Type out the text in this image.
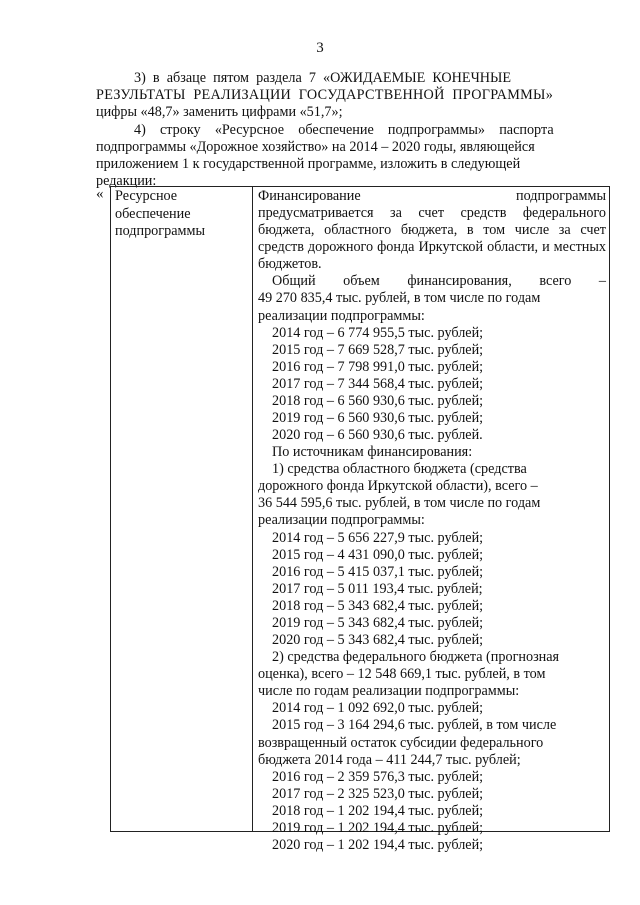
3

3)  в  абзаце  пятом  раздела  7  «ОЖИДАЕМЫЕ  КОНЕЧНЫЕ

РЕЗУЛЬТАТЫ  РЕАЛИЗАЦИИ  ГОСУДАРСТВЕННОЙ  ПРОГРАММЫ»

цифры «48,7» заменить цифрами «51,7»;

4)    строку    «Ресурсное    обеспечение    подпрограммы»    паспорта

подпрограммы «Дорожное хозяйство» на 2014 – 2020 годы, являющейся

приложением 1 к государственной программе, изложить в следующей

редакции:

« Ресурсное
обеспечение
подпрограммы
Финансирование	подпрограммы
предусматривается за счет средств федерального бюджета, областного бюджета, в том числе за счет средств дорожного фонда Иркутской области, и местных бюджетов.
Общий объем финансирования, всего –
49 270 835,4 тыс. рублей, в том числе по годам
реализации подпрограммы:
2014 год – 6 774 955,5 тыс. рублей;
2015 год – 7 669 528,7 тыс. рублей;
2016 год – 7 798 991,0 тыс. рублей;
2017 год – 7 344 568,4 тыс. рублей;
2018 год – 6 560 930,6 тыс. рублей;
2019 год – 6 560 930,6 тыс. рублей;
2020 год – 6 560 930,6 тыс. рублей.
По источникам финансирования:
1) средства областного бюджета (средства
дорожного фонда Иркутской области), всего –
36 544 595,6 тыс. рублей, в том числе по годам
реализации подпрограммы:
2014 год – 5 656 227,9 тыс. рублей;
2015 год – 4 431 090,0 тыс. рублей;
2016 год – 5 415 037,1 тыс. рублей;
2017 год – 5 011 193,4 тыс. рублей;
2018 год – 5 343 682,4 тыс. рублей;
2019 год – 5 343 682,4 тыс. рублей;
2020 год – 5 343 682,4 тыс. рублей;
2) средства федерального бюджета (прогнозная
оценка), всего – 12 548 669,1 тыс. рублей, в том
числе по годам реализации подпрограммы:
2014 год – 1 092 692,0 тыс. рублей;
2015 год – 3 164 294,6 тыс. рублей, в том числе
возвращенный остаток субсидии федерального
бюджета 2014 года – 411 244,7 тыс. рублей;
2016 год – 2 359 576,3 тыс. рублей;
2017 год – 2 325 523,0 тыс. рублей;
2018 год – 1 202 194,4 тыс. рублей;
2019 год – 1 202 194,4 тыс. рублей;
2020 год – 1 202 194,4 тыс. рублей;
